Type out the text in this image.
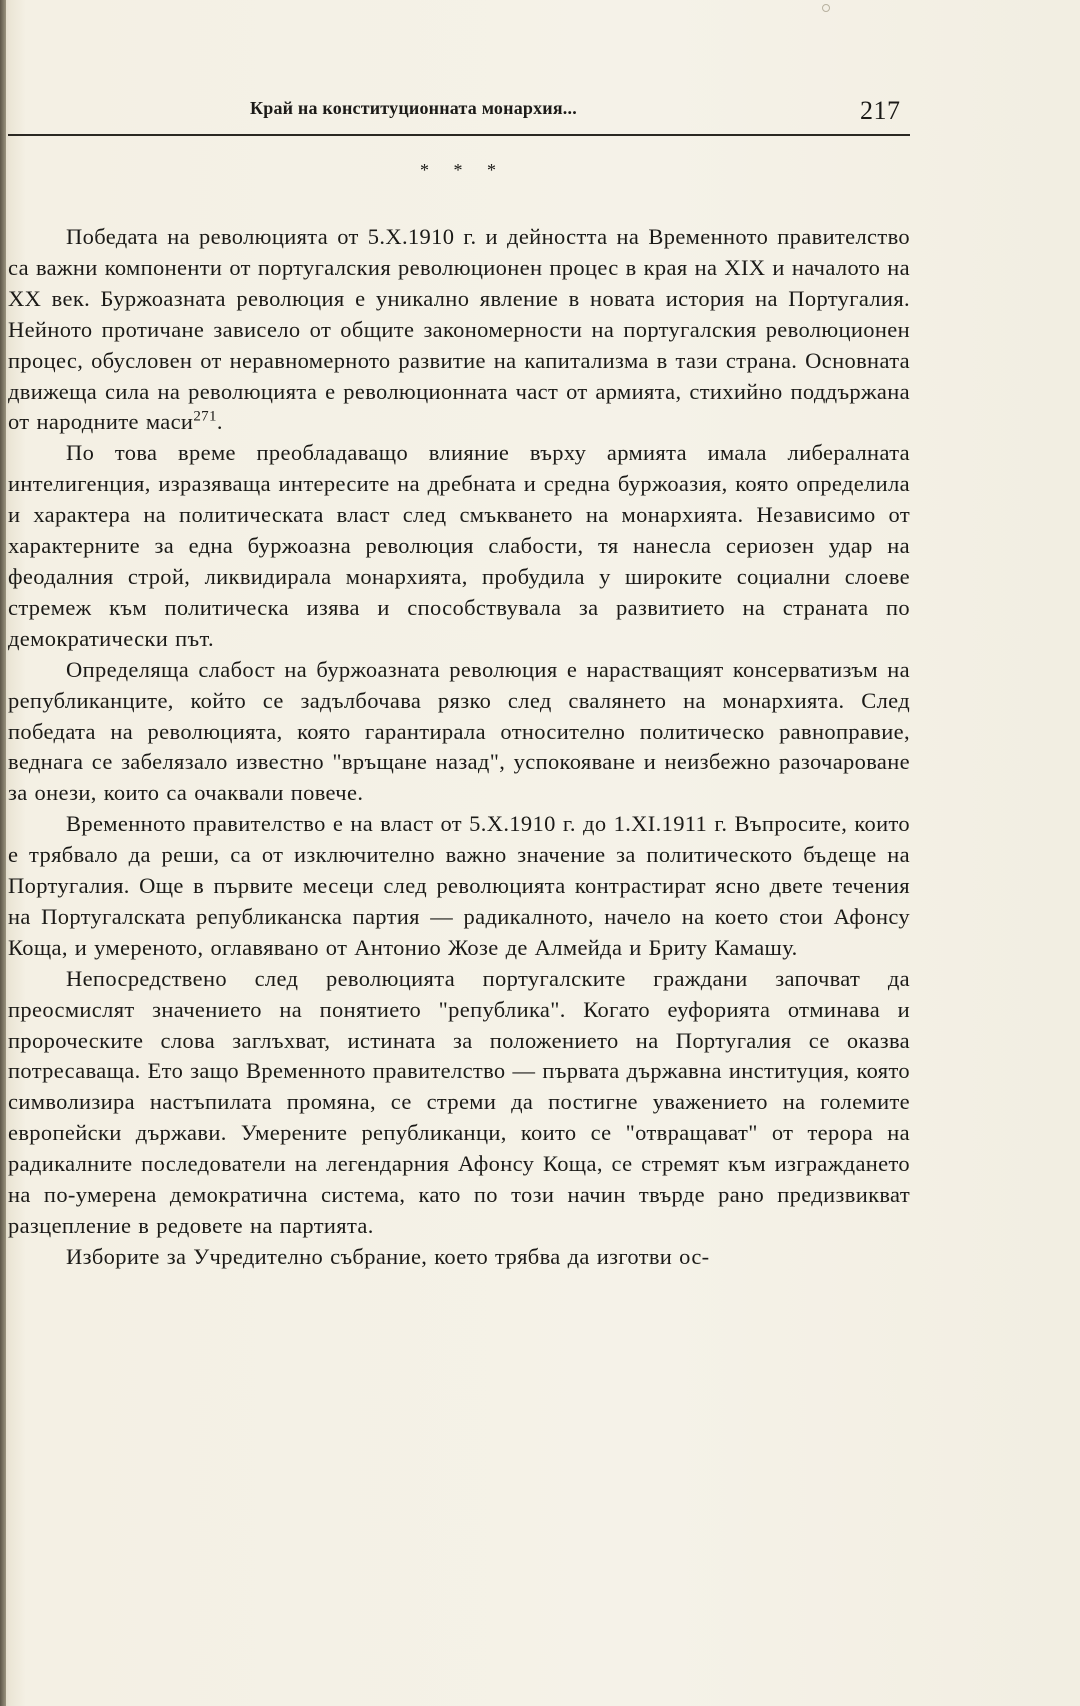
Край на конституционната монархия...	217
* * *

Победата на революцията от 5.X.1910 г. и дейността на Временното правителство са важни компоненти от португалския революционен процес в края на XIX и началото на XX век. Буржоазната революция е уникално явление в новата история на Португалия. Нейното протичане зависело от общите закономерности на португалския революционен процес, обусловен от неравномерното развитие на капитализма в тази страна. Основната движеща сила на революцията е революционната част от армията, стихийно поддържана от народните маси$^{271}$.

По това време преобладаващо влияние върху армията имала либералната интелигенция, изразяваща интересите на дребната и средна буржоазия, която определила и характера на политическата власт след смъкването на монархията. Независимо от характерните за една буржоазна революция слабости, тя нанесла сериозен удар на феодалния строй, ликвидирала монархията, пробудила у широките социални слоеве стремеж към политическа изява и способствувала за развитието на страната по демократически път.

Определяща слабост на буржоазната революция е нарастващият консерватизъм на републиканците, който се задълбочава рязко след свалянето на монархията. След победата на революцията, която гарантирала относително политическо равноправие, веднага се забелязало известно "връщане назад", успокояване и неизбежно разочароване за онези, които са очаквали повече.

Временното правителство е на власт от 5.X.1910 г. до 1.XI.1911 г. Въпросите, които е трябвало да реши, са от изключително важно значение за политическото бъдеще на Португалия. Още в първите месеци след революцията контрастират ясно двете течения на Португалската републиканска партия — радикалното, начело на което стои Афонсу Коща, и умереното, оглавявано от Антонио Жозе де Алмейда и Бриту Камашу.

Непосредствено след революцията португалските граждани започват да преосмислят значението на понятието "република". Когато еуфорията отминава и пророческите слова заглъхват, истината за положението на Португалия се оказва потресаваща. Ето защо Временното правителство — първата държавна институция, която символизира настъпилата промяна, се стреми да постигне уважението на големите европейски държави. Умерените републиканци, които се "отвращават" от терора на радикалните последователи на легендарния Афонсу Коща, се стремят към изграждането на по-умерена демократична система, като по този начин твърде рано предизвикват разцепление в редовете на партията.

Изборите за Учредително събрание, което трябва да изготви ос-
